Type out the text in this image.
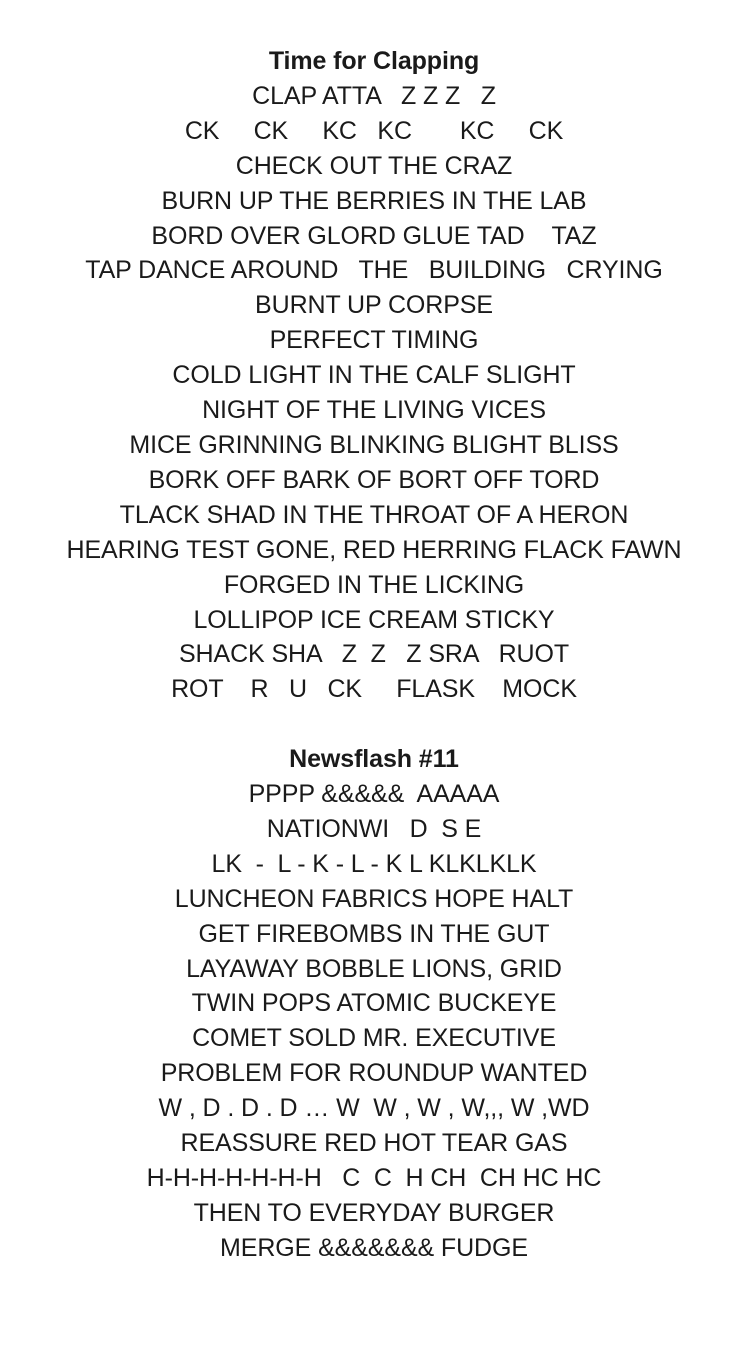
Time for Clapping
CLAP ATTA   Z Z Z   Z
CK     CK     KC   KC       KC     CK
CHECK OUT THE CRAZ
BURN UP THE BERRIES IN THE LAB
BORD OVER GLORD GLUE TAD    TAZ
TAP DANCE AROUND   THE   BUILDING   CRYING
BURNT UP CORPSE
PERFECT TIMING
COLD LIGHT IN THE CALF SLIGHT
NIGHT OF THE LIVING VICES
MICE GRINNING BLINKING BLIGHT BLISS
BORK OFF BARK OF BORT OFF TORD
TLACK SHAD IN THE THROAT OF A HERON
HEARING TEST GONE, RED HERRING FLACK FAWN
FORGED IN THE LICKING
LOLLIPOP ICE CREAM STICKY
SHACK SHA   Z  Z   Z SRA   RUOT
ROT    R   U   CK     FLASK    MOCK
Newsflash #11
PPPP &&&&&  AAAAA
NATIONWI   D  S E
LK  -  L - K - L - K L KLKLKLK
LUNCHEON FABRICS HOPE HALT
GET FIREBOMBS IN THE GUT
LAYAWAY BOBBLE LIONS, GRID
TWIN POPS ATOMIC BUCKEYE
COMET SOLD MR. EXECUTIVE
PROBLEM FOR ROUNDUP WANTED
W , D . D . D … W  W , W , W,,, W ,WD
REASSURE RED HOT TEAR GAS
H-H-H-H-H-H-H   C  C  H CH  CH HC HC
THEN TO EVERYDAY BURGER
MERGE &&&&&&& FUDGE
